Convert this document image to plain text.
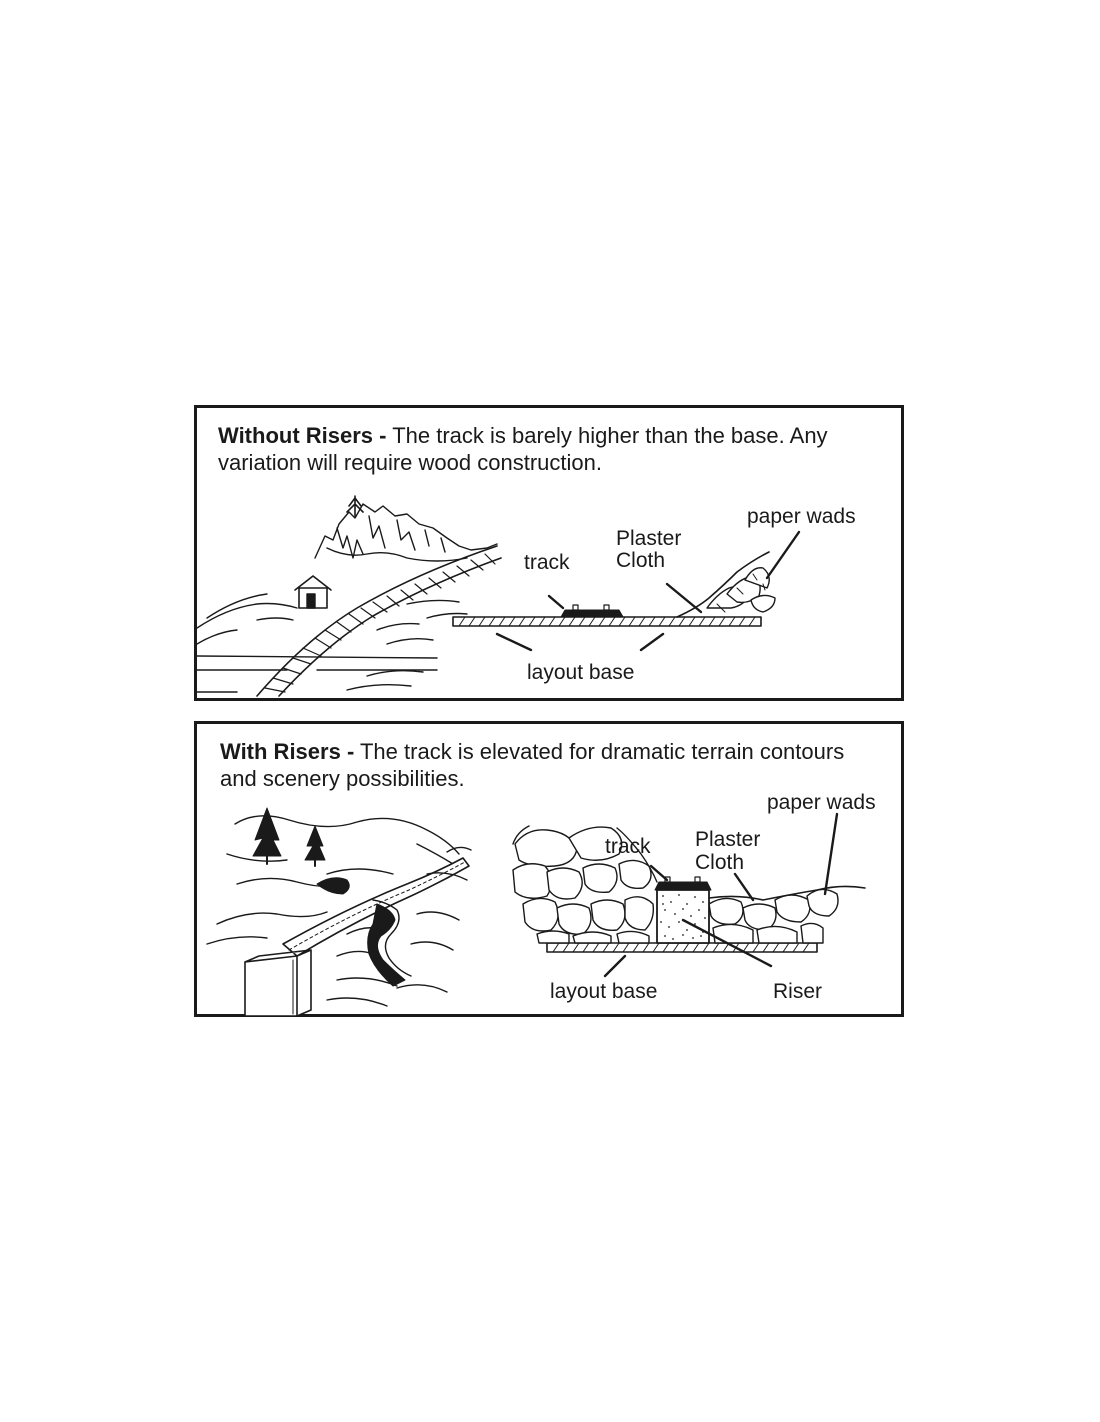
Without Risers - The track is barely higher than the base. Any variation will require wood construction.

track
Plaster
Cloth
paper wads
layout base

With Risers - The track is elevated for dramatic terrain contours and scenery possibilities.

track Plaster
Cloth
paper wads
layout base	Riser
